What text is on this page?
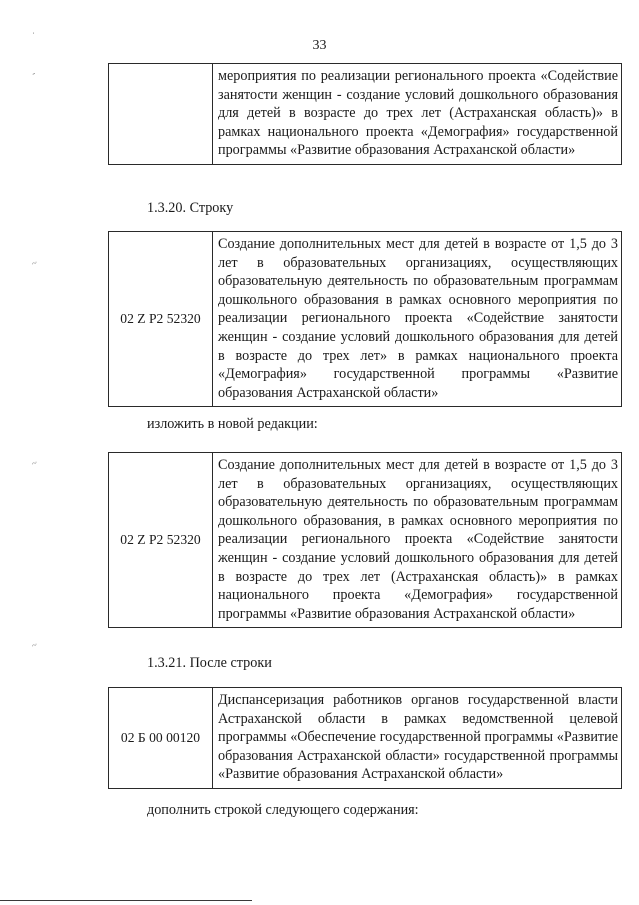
33
·
-
~
~
~
	мероприятия по реализации регионального проекта «Содействие занятости женщин - создание условий дошкольного образования для детей в возрасте до трех лет (Астраханская область)» в рамках национального проекта «Демография» государственной программы «Развитие образования Астраханской области»
1.3.20. Строку
02 Z P2 52320	Создание дополнительных мест для детей в возрасте от 1,5 до 3 лет в образовательных организациях, осуществляющих образовательную деятельность по образовательным программам дошкольного образования в рамках основного мероприятия по реализации регионального проекта «Содействие занятости женщин - создание условий дошкольного образования для детей в возрасте до трех лет» в рамках национального проекта «Демография» государственной программы «Развитие образования Астраханской области»
изложить в новой редакции:
02 Z P2 52320	Создание дополнительных мест для детей в возрасте от 1,5 до 3 лет в образовательных организациях, осуществляющих образовательную деятельность по образовательным программам дошкольного образования, в рамках основного мероприятия по реализации регионального проекта «Содействие занятости женщин - создание условий дошкольного образования для детей в возрасте до трех лет (Астраханская область)» в рамках национального проекта «Демография» государственной программы «Развитие образования Астраханской области»
1.3.21. После строки
02 Б 00 00120	Диспансеризация работников органов государственной власти Астраханской области в рамках ведомственной целевой программы «Обеспечение государственной программы «Развитие образования Астраханской области» государственной программы «Развитие образования Астраханской области»
дополнить строкой следующего содержания:
